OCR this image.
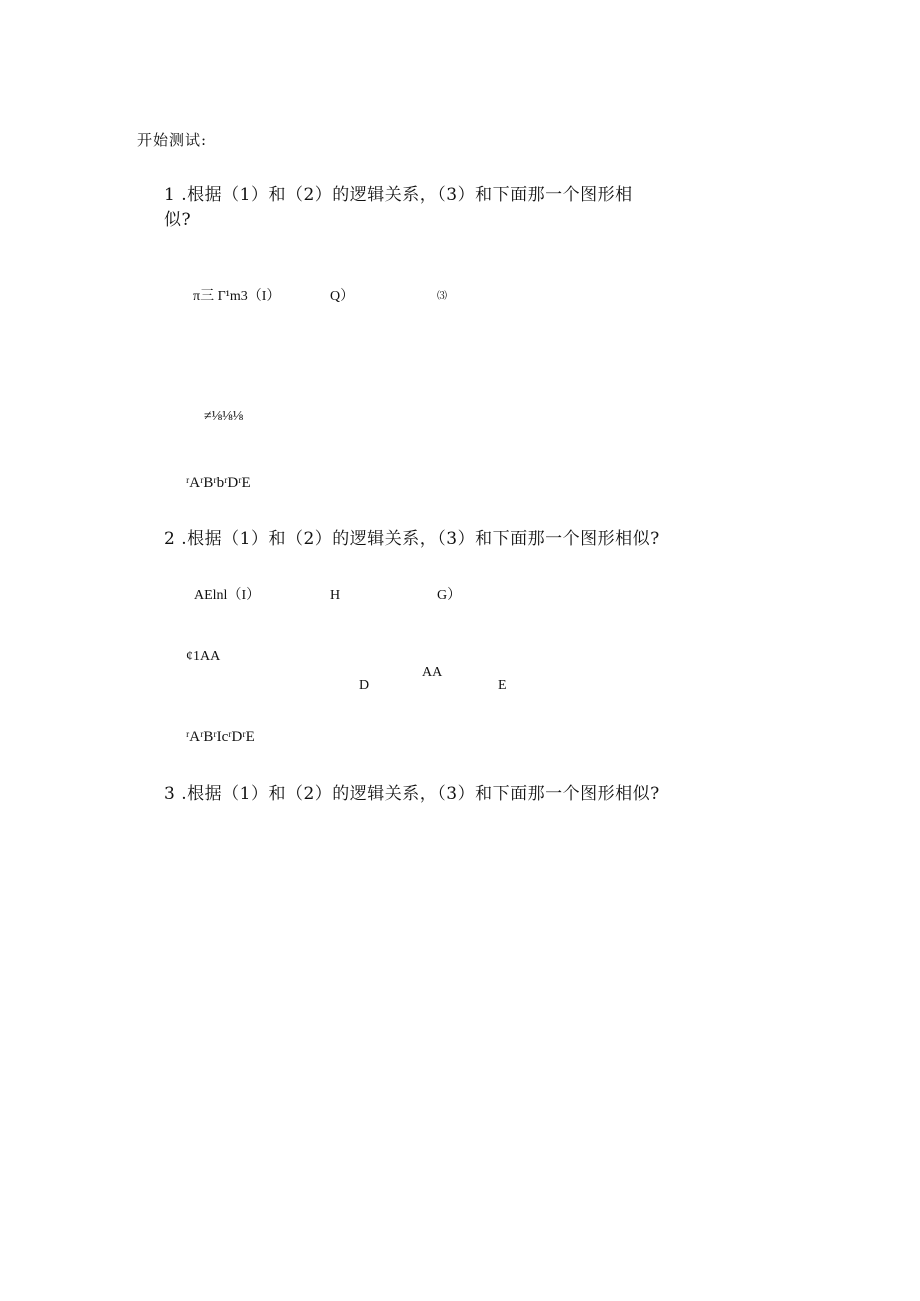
开始测试:
1 .根据（1）和（2）的逻辑关系，（3）和下面那一个图形相
似?
π三 Γ¹m3（I）	Q）	⑶
≠⅛⅛⅛
ʳAʳBʳbʳDʳE
2 .根据（1）和（2）的逻辑关系，（3）和下面那一个图形相似?
AElnl（I）	H	G）
¢1AA
D
AA
E
ʳAʳBʳIcʳDʳE
3 .根据（1）和（2）的逻辑关系，（3）和下面那一个图形相似?
